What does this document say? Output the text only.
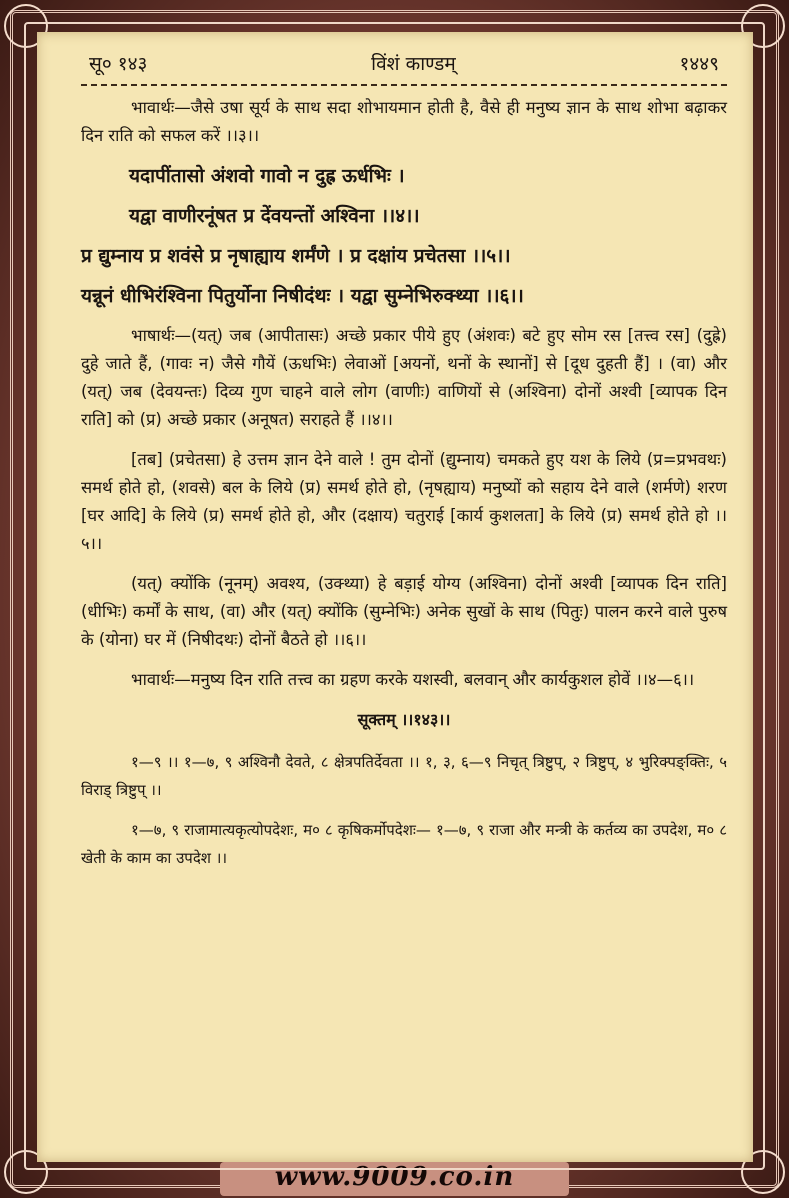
सू० १४३	विंशं काण्डम्	१४४९

भावार्थः—जैसे उषा सूर्य के साथ सदा शोभायमान होती है, वैसे ही मनुष्य ज्ञान के साथ शोभा बढ़ाकर दिन राति को सफल करें ।।३।।

यदापींतासो अंशवो गावो न दुह्र ऊर्धभिः ।

यद्वा वाणीरनूंषत प्र देंवयन्तों अश्विना ।।४।।

प्र द्युम्नाय प्र शवंसे प्र नृषाह्याय शर्मंणे । प्र दक्षांय प्रचेतसा ।।५।।

यन्नूनं धीभिरंश्विना पितुर्योना निषीदंथः । यद्वा सुम्नेभिरुक्थ्या ।।६।।

भाषार्थः—(यत्) जब (आपीतासः) अच्छे प्रकार पीये हुए (अंशवः) बटे हुए सोम रस [तत्त्व रस] (दुह्रे) दुहे जाते हैं, (गावः न) जैसे गौयें (ऊधभिः) लेवाओं [अयनों, थनों के स्थानों] से [दूध दुहती हैं] । (वा) और (यत्) जब (देवयन्तः) दिव्य गुण चाहने वाले लोग (वाणीः) वाणियों से (अश्विना) दोनों अश्वी [व्यापक दिन राति] को (प्र) अच्छे प्रकार (अनूषत) सराहते हैं ।।४।।

[तब] (प्रचेतसा) हे उत्तम ज्ञान देने वाले ! तुम दोनों (द्युम्नाय) चमकते हुए यश के लिये (प्र=प्रभवथः) समर्थ होते हो, (शवसे) बल के लिये (प्र) समर्थ होते हो, (नृषह्याय) मनुष्यों को सहाय देने वाले (शर्मणे) शरण [घर आदि] के लिये (प्र) समर्थ होते हो, और (दक्षाय) चतुराई [कार्य कुशलता] के लिये (प्र) समर्थ होते हो ।।५।।

(यत्) क्योंकि (नूनम्) अवश्य, (उक्थ्या) हे बड़ाई योग्य (अश्विना) दोनों अश्वी [व्यापक दिन राति] (धीभिः) कर्मों के साथ, (वा) और (यत्) क्योंकि (सुम्नेभिः) अनेक सुखों के साथ (पितुः) पालन करने वाले पुरुष के (योना) घर में (निषीदथः) दोनों बैठते हो ।।६।।

भावार्थः—मनुष्य दिन राति तत्त्व का ग्रहण करके यशस्वी, बलवान् और कार्यकुशल होवें ।।४—६।।

सूक्तम् ।।१४३।।

१—९ ।। १—७, ९ अश्विनौ देवते, ८ क्षेत्रपतिर्देवता ।। १, ३, ६—९ निचृत् त्रिष्टुप्, २ त्रिष्टुप्, ४ भुरिक्पङ्क्तिः, ५ विराड् त्रिष्टुप् ।।

१—७, ९ राजामात्यकृत्योपदेशः, म० ८ कृषिकर्मोपदेशः— १—७, ९ राजा और मन्त्री के कर्तव्य का उपदेश, म० ८ खेती के काम का उपदेश ।।

www.9009.co.in
